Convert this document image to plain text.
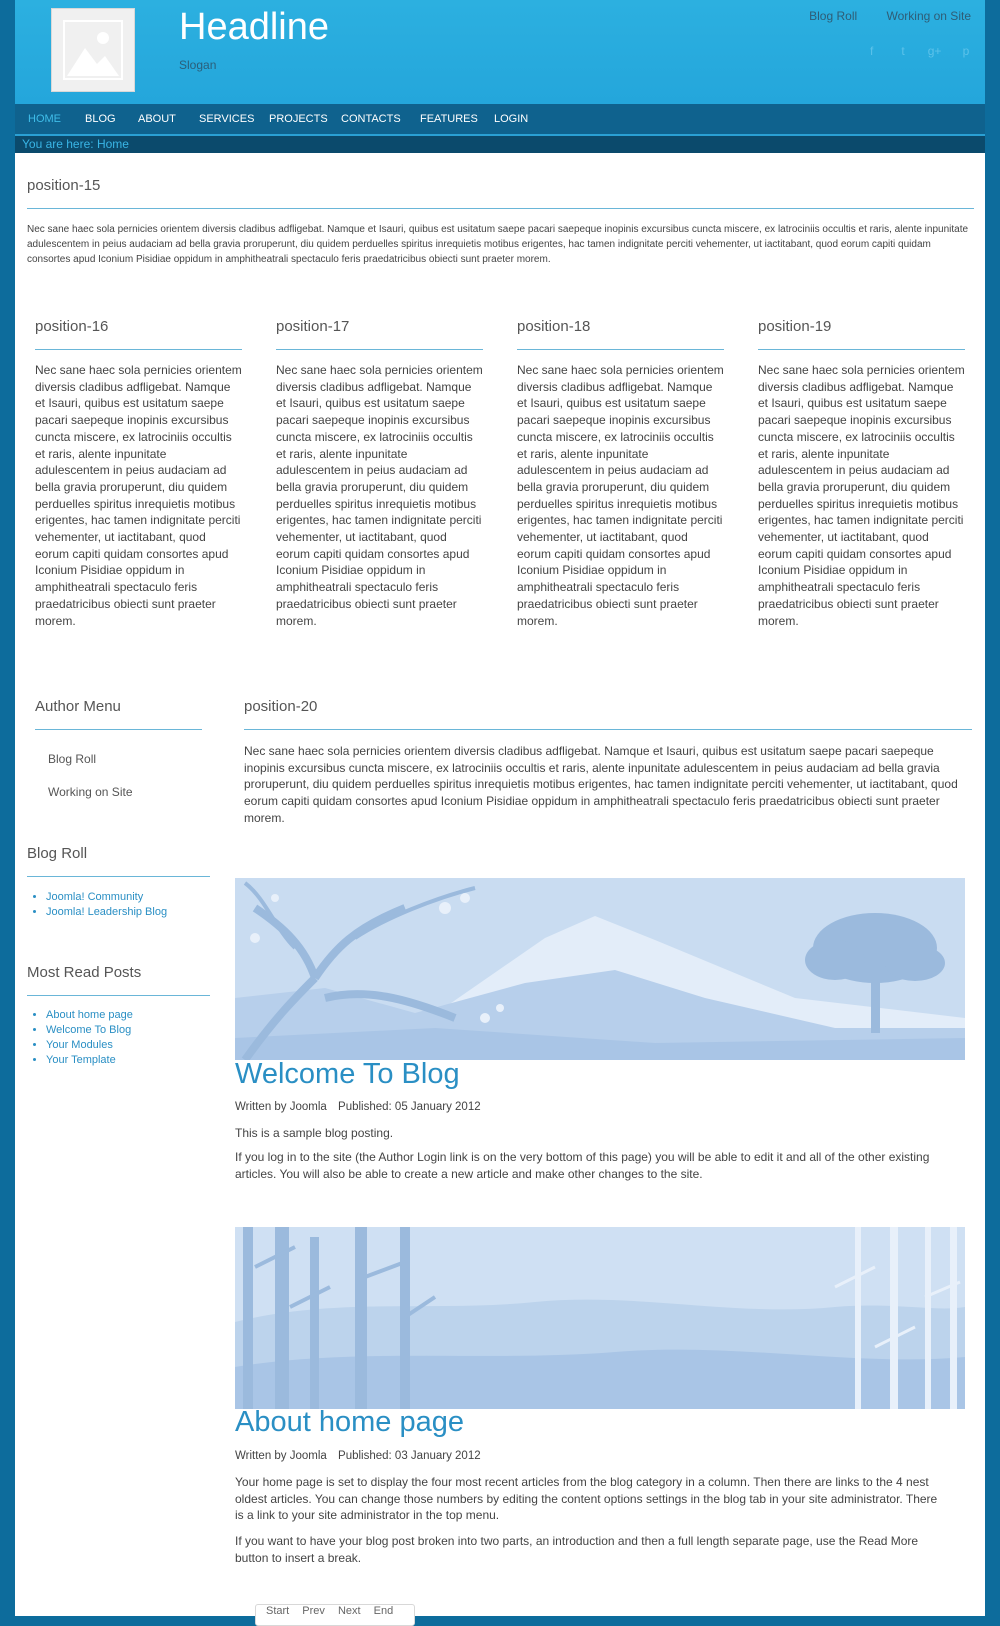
Headline
Slogan
Blog Roll Working on Site
f t g+ p
HOME BLOG ABOUT SERVICES PROJECTS CONTACTS FEATURES LOGIN
You are here: Home
position-15
Nec sane haec sola pernicies orientem diversis cladibus adfligebat. Namque et Isauri, quibus est usitatum saepe pacari saepeque inopinis excursibus cuncta miscere, ex latrociniis occultis et raris, alente inpunitate adulescentem in peius audaciam ad bella gravia proruperunt, diu quidem perduelles spiritus inrequietis motibus erigentes, hac tamen indignitate perciti vehementer, ut iactitabant, quod eorum capiti quidam consortes apud Iconium Pisidiae oppidum in amphitheatrali spectaculo feris praedatricibus obiecti sunt praeter morem.
position-16
Nec sane haec sola pernicies orientem diversis cladibus adfligebat. Namque et Isauri, quibus est usitatum saepe pacari saepeque inopinis excursibus cuncta miscere, ex latrociniis occultis et raris, alente inpunitate adulescentem in peius audaciam ad bella gravia proruperunt, diu quidem perduelles spiritus inrequietis motibus erigentes, hac tamen indignitate perciti vehementer, ut iactitabant, quod eorum capiti quidam consortes apud Iconium Pisidiae oppidum in amphitheatrali spectaculo feris praedatricibus obiecti sunt praeter morem.
position-17
Nec sane haec sola pernicies orientem diversis cladibus adfligebat. Namque et Isauri, quibus est usitatum saepe pacari saepeque inopinis excursibus cuncta miscere, ex latrociniis occultis et raris, alente inpunitate adulescentem in peius audaciam ad bella gravia proruperunt, diu quidem perduelles spiritus inrequietis motibus erigentes, hac tamen indignitate perciti vehementer, ut iactitabant, quod eorum capiti quidam consortes apud Iconium Pisidiae oppidum in amphitheatrali spectaculo feris praedatricibus obiecti sunt praeter morem.
position-18
Nec sane haec sola pernicies orientem diversis cladibus adfligebat. Namque et Isauri, quibus est usitatum saepe pacari saepeque inopinis excursibus cuncta miscere, ex latrociniis occultis et raris, alente inpunitate adulescentem in peius audaciam ad bella gravia proruperunt, diu quidem perduelles spiritus inrequietis motibus erigentes, hac tamen indignitate perciti vehementer, ut iactitabant, quod eorum capiti quidam consortes apud Iconium Pisidiae oppidum in amphitheatrali spectaculo feris praedatricibus obiecti sunt praeter morem.
position-19
Nec sane haec sola pernicies orientem diversis cladibus adfligebat. Namque et Isauri, quibus est usitatum saepe pacari saepeque inopinis excursibus cuncta miscere, ex latrociniis occultis et raris, alente inpunitate adulescentem in peius audaciam ad bella gravia proruperunt, diu quidem perduelles spiritus inrequietis motibus erigentes, hac tamen indignitate perciti vehementer, ut iactitabant, quod eorum capiti quidam consortes apud Iconium Pisidiae oppidum in amphitheatrali spectaculo feris praedatricibus obiecti sunt praeter morem.
Author Menu
Blog Roll
Working on Site
Blog Roll
• Joomla! Community
• Joomla! Leadership Blog
Most Read Posts
• About home page
• Welcome To Blog
• Your Modules
• Your Template
position-20
Nec sane haec sola pernicies orientem diversis cladibus adfligebat. Namque et Isauri, quibus est usitatum saepe pacari saepeque inopinis excursibus cuncta miscere, ex latrociniis occultis et raris, alente inpunitate adulescentem in peius audaciam ad bella gravia proruperunt, diu quidem perduelles spiritus inrequietis motibus erigentes, hac tamen indignitate perciti vehementer, ut iactitabant, quod eorum capiti quidam consortes apud Iconium Pisidiae oppidum in amphitheatrali spectaculo feris praedatricibus obiecti sunt praeter morem.
Welcome To Blog
Written by Joomla Published: 05 January 2012
This is a sample blog posting.
If you log in to the site (the Author Login link is on the very bottom of this page) you will be able to edit it and all of the other existing articles. You will also be able to create a new article and make other changes to the site.
About home page
Written by Joomla Published: 03 January 2012
Your home page is set to display the four most recent articles from the blog category in a column. Then there are links to the 4 nest oldest articles. You can change those numbers by editing the content options settings in the blog tab in your site administrator. There is a link to your site administrator in the top menu.
If you want to have your blog post broken into two parts, an introduction and then a full length separate page, use the Read More button to insert a break.
Start Prev Next End
